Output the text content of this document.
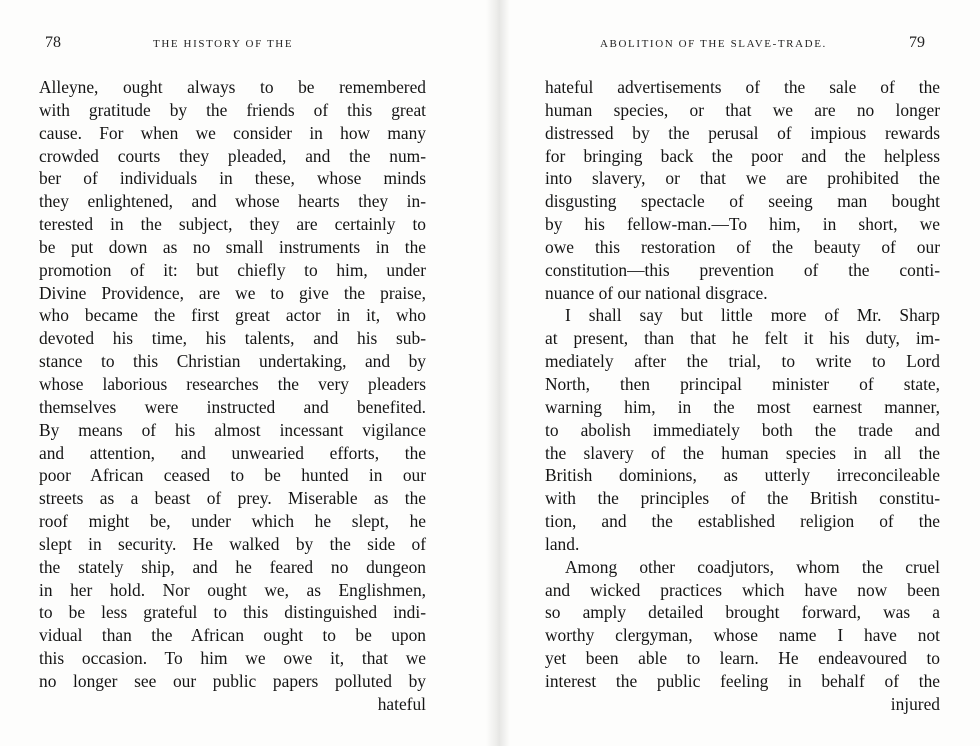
78	THE HISTORY OF THE
Alleyne, ought always to be remembered
with gratitude by the friends of this great
cause. For when we consider in how many
crowded courts they pleaded, and the num-
ber of individuals in these, whose minds
they enlightened, and whose hearts they in-
terested in the subject, they are certainly to
be put down as no small instruments in the
promotion of it: but chiefly to him, under
Divine Providence, are we to give the praise,
who became the first great actor in it, who
devoted his time, his talents, and his sub-
stance to this Christian undertaking, and by
whose laborious researches the very pleaders
themselves were instructed and benefited.
By means of his almost incessant vigilance
and attention, and unwearied efforts, the
poor African ceased to be hunted in our
streets as a beast of prey. Miserable as the
roof might be, under which he slept, he
slept in security. He walked by the side of
the stately ship, and he feared no dungeon
in her hold. Nor ought we, as Englishmen,
to be less grateful to this distinguished indi-
vidual than the African ought to be upon
this occasion. To him we owe it, that we
no longer see our public papers polluted by
hateful
ABOLITION OF THE SLAVE-TRADE.	79
hateful advertisements of the sale of the
human species, or that we are no longer
distressed by the perusal of impious rewards
for bringing back the poor and the helpless
into slavery, or that we are prohibited the
disgusting spectacle of seeing man bought
by his fellow-man.—To him, in short, we
owe this restoration of the beauty of our
constitution—this prevention of the conti-
nuance of our national disgrace.
I shall say but little more of Mr. Sharp
at present, than that he felt it his duty, im-
mediately after the trial, to write to Lord
North, then principal minister of state,
warning him, in the most earnest manner,
to abolish immediately both the trade and
the slavery of the human species in all the
British dominions, as utterly irreconcileable
with the principles of the British constitu-
tion, and the established religion of the
land.
Among other coadjutors, whom the cruel
and wicked practices which have now been
so amply detailed brought forward, was a
worthy clergyman, whose name I have not
yet been able to learn. He endeavoured to
interest the public feeling in behalf of the
injured
